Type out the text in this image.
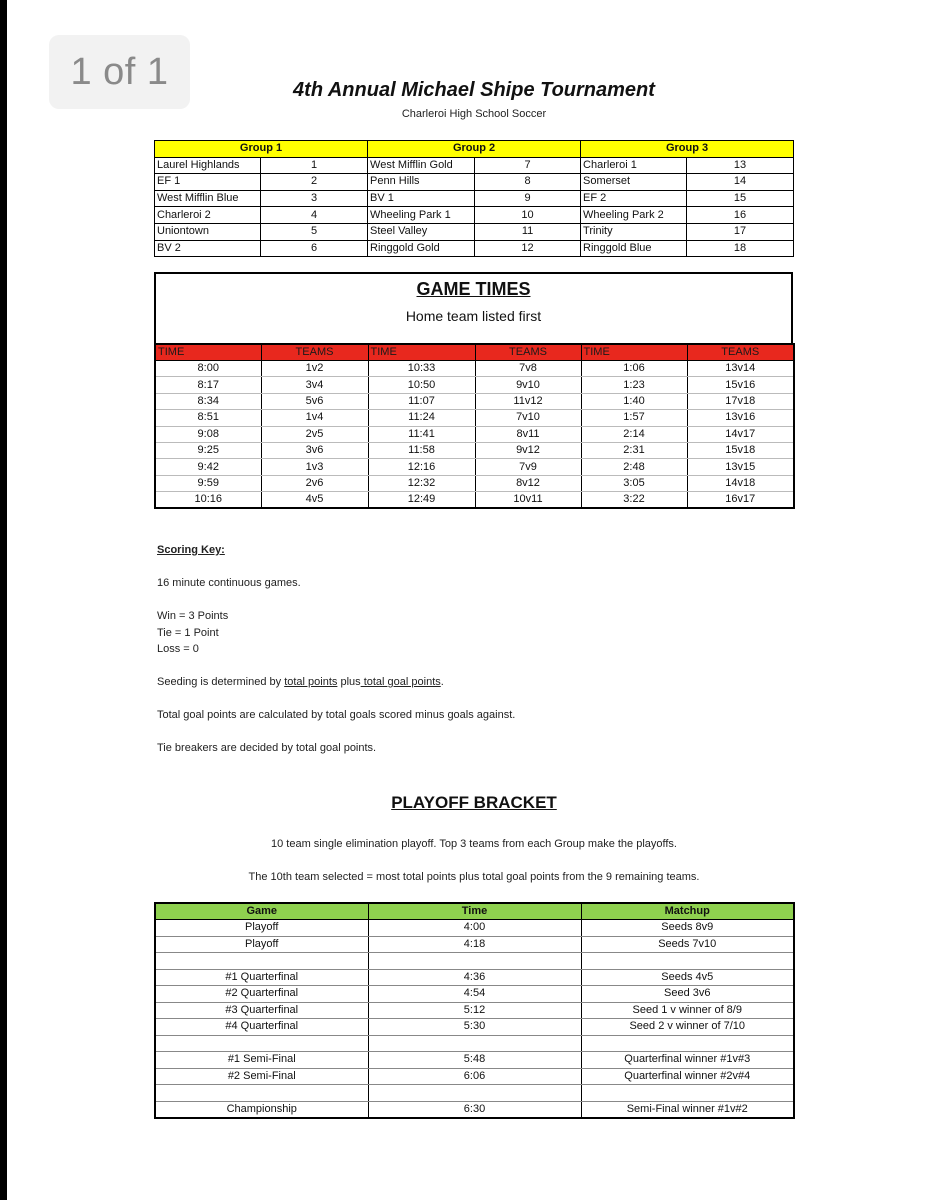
1 of 1	4th Annual Michael Shipe Tournament
Charleroi High School Soccer
Group 1		Group 2		Group 3	
Laurel Highlands	1	West Mifflin Gold	7	Charleroi 1	13
EF 1	2	Penn Hills	8	Somerset	14
West Mifflin Blue	3	BV 1	9	EF 2	15
Charleroi 2	4	Wheeling Park 1	10	Wheeling Park 2	16
Uniontown	5	Steel Valley	11	Trinity	17
BV 2	6	Ringgold Gold	12	Ringgold Blue	18
GAME TIMES
Home team listed first
TIME	TEAMS	TIME	TEAMS	TIME	TEAMS
8:00	1v2	10:33	7v8	1:06	13v14
8:17	3v4	10:50	9v10	1:23	15v16
8:34	5v6	11:07	11v12	1:40	17v18
8:51	1v4	11:24	7v10	1:57	13v16
9:08	2v5	11:41	8v11	2:14	14v17
9:25	3v6	11:58	9v12	2:31	15v18
9:42	1v3	12:16	7v9	2:48	13v15
9:59	2v6	12:32	8v12	3:05	14v18
10:16	4v5	12:49	10v11	3:22	16v17
Scoring Key:
16 minute continuous games.
Win = 3 Points
Tie = 1 Point
Loss = 0
Seeding is determined by total points plus total goal points.
Total goal points are calculated by total goals scored minus goals against.
Tie breakers are decided by total goal points.
PLAYOFF BRACKET
10 team single elimination playoff. Top 3 teams from each Group make the playoffs.
The 10th team selected = most total points plus total goal points from the 9 remaining teams.
Game	Time	Matchup
Playoff	4:00	Seeds 8v9
Playoff	4:18	Seeds 7v10

#1 Quarterfinal	4:36	Seeds 4v5
#2 Quarterfinal	4:54	Seed 3v6
#3 Quarterfinal	5:12	Seed 1 v winner of 8/9
#4 Quarterfinal	5:30	Seed 2 v winner of 7/10

#1 Semi-Final	5:48	Quarterfinal winner #1v#3
#2 Semi-Final	6:06	Quarterfinal winner #2v#4

Championship	6:30	Semi-Final winner #1v#2
